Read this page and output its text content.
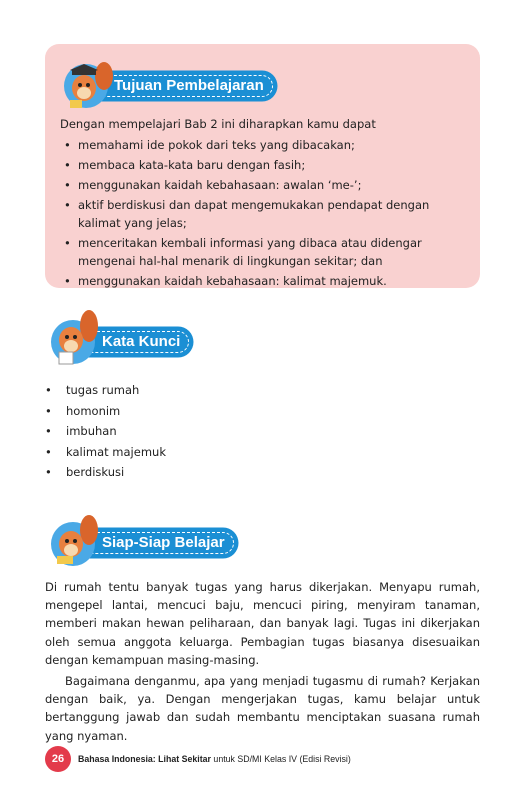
Tujuan Pembelajaran
Dengan mempelajari Bab 2 ini diharapkan kamu dapat
• memahami ide pokok dari teks yang dibacakan;
• membaca kata-kata baru dengan fasih;
• menggunakan kaidah kebahasaan: awalan ‘me-’;
• aktif berdiskusi dan dapat mengemukakan pendapat dengan kalimat yang jelas;
• menceritakan kembali informasi yang dibaca atau didengar mengenai hal-hal menarik di lingkungan sekitar; dan
• menggunakan kaidah kebahasaan: kalimat majemuk.
Kata Kunci
• tugas rumah
• homonim
• imbuhan
• kalimat majemuk
• berdiskusi
Siap-Siap Belajar

Di rumah tentu banyak tugas yang harus dikerjakan. Menyapu rumah, mengepel lantai, mencuci baju, mencuci piring, menyiram tanaman, memberi makan hewan peliharaan, dan banyak lagi. Tugas ini dikerjakan oleh semua anggota keluarga. Pembagian tugas biasanya disesuaikan dengan kemampuan masing-masing.

Bagaimana denganmu, apa yang menjadi tugasmu di rumah? Kerjakan dengan baik, ya. Dengan mengerjakan tugas, kamu belajar untuk bertanggung jawab dan sudah membantu menciptakan suasana rumah yang nyaman.

26	Bahasa Indonesia: Lihat Sekitar untuk SD/MI Kelas IV (Edisi Revisi)
